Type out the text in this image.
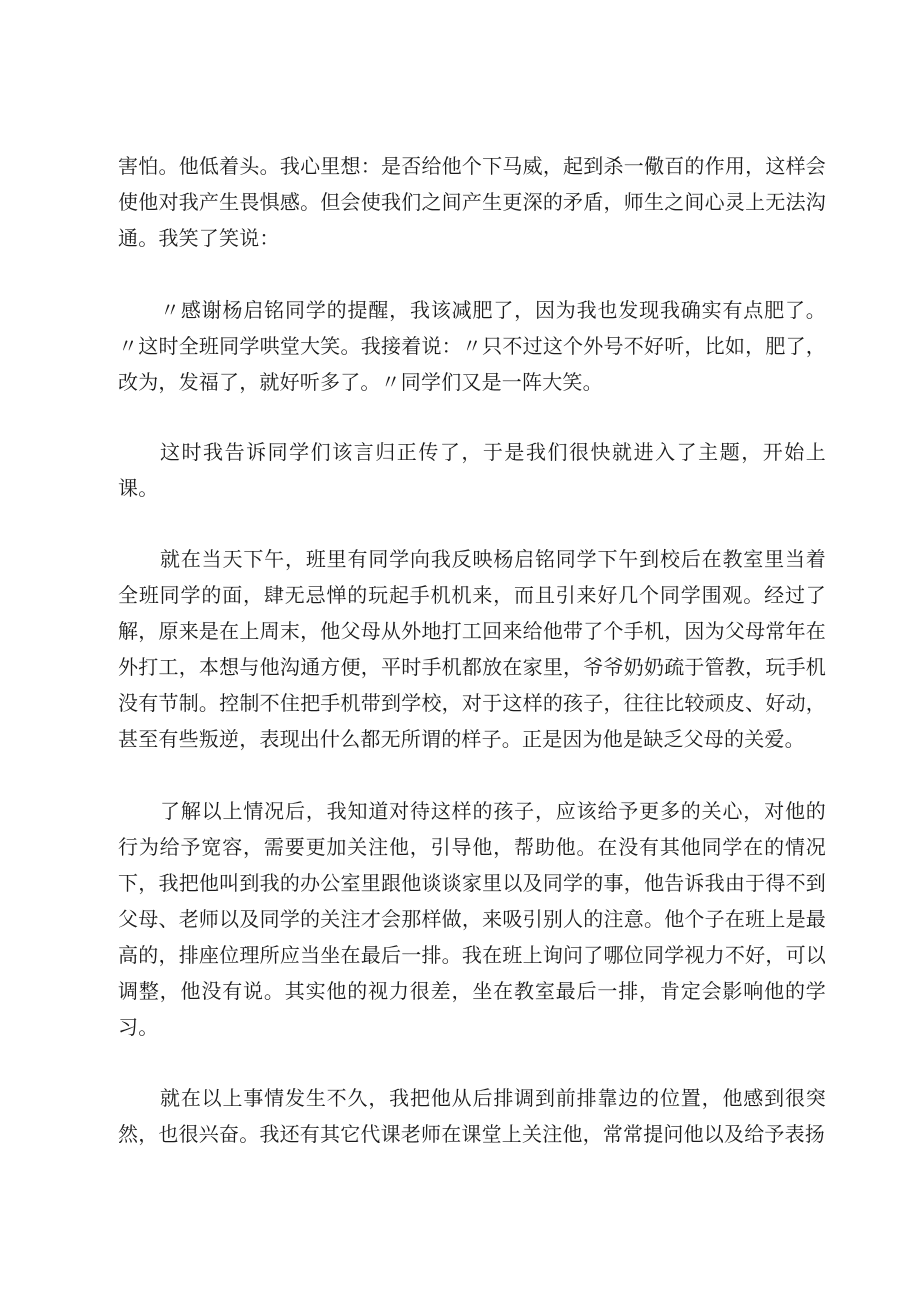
害怕。他低着头。我心里想：是否给他个下马威，起到杀一儆百的作用，这样会使他对我产生畏惧感。但会使我们之间产生更深的矛盾，师生之间心灵上无法沟通。我笑了笑说：

〃感谢杨启铭同学的提醒，我该减肥了，因为我也发现我确实有点肥了。〃这时全班同学哄堂大笑。我接着说：〃只不过这个外号不好听，比如，肥了，改为，发福了，就好听多了。〃同学们又是一阵大笑。

这时我告诉同学们该言归正传了，于是我们很快就进入了主题，开始上课。

就在当天下午，班里有同学向我反映杨启铭同学下午到校后在教室里当着全班同学的面，肆无忌惮的玩起手机机来，而且引来好几个同学围观。经过了解，原来是在上周末，他父母从外地打工回来给他带了个手机，因为父母常年在外打工，本想与他沟通方便，平时手机都放在家里，爷爷奶奶疏于管教，玩手机没有节制。控制不住把手机带到学校，对于这样的孩子，往往比较顽皮、好动，甚至有些叛逆，表现出什么都无所谓的样子。正是因为他是缺乏父母的关爱。

了解以上情况后，我知道对待这样的孩子，应该给予更多的关心，对他的行为给予宽容，需要更加关注他，引导他，帮助他。在没有其他同学在的情况下，我把他叫到我的办公室里跟他谈谈家里以及同学的事，他告诉我由于得不到父母、老师以及同学的关注才会那样做，来吸引别人的注意。他个子在班上是最高的，排座位理所应当坐在最后一排。我在班上询问了哪位同学视力不好，可以调整，他没有说。其实他的视力很差，坐在教室最后一排，肯定会影响他的学习。

就在以上事情发生不久，我把他从后排调到前排靠边的位置，他感到很突然，也很兴奋。我还有其它代课老师在课堂上关注他，常常提问他以及给予表扬
